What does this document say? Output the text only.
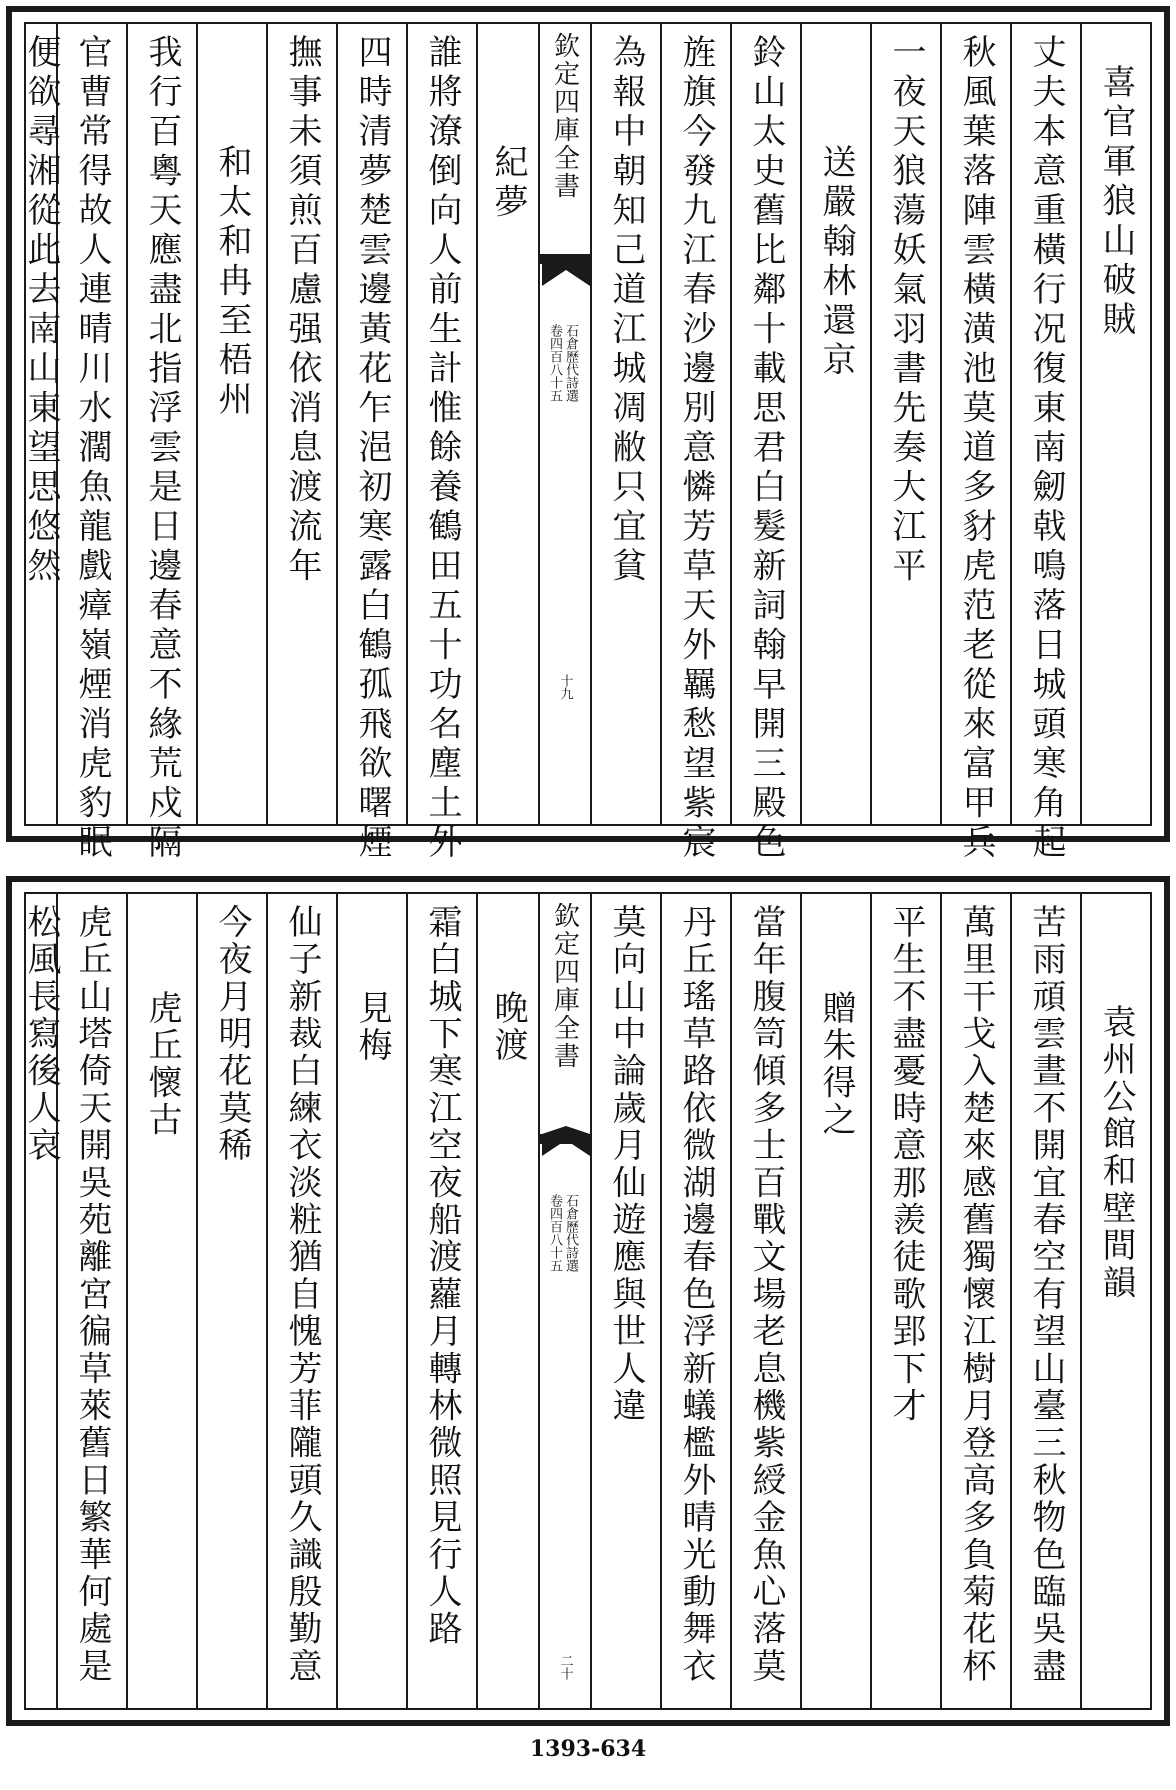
喜官軍狼山破賊
丈夫本意重橫行况復東南劒戟鳴落日城頭寒角起
秋風葉落陣雲橫潢池莫道多豺虎范老從來富甲兵
一夜天狼蕩妖氣羽書先奏大江平
送嚴翰林還京
鈴山太史舊比鄰十載思君白髮新詞翰早開三殿色
旌旗今發九江春沙邊別意憐芳草天外羈愁望紫宸
為報中朝知己道江城凋敝只宜貧
欽定四庫全書
石倉歷代詩選
卷四百八十五
十九
紀夢
誰將潦倒向人前生計惟餘養鶴田五十功名塵土外
四時清夢楚雲邊黃花乍浥初寒露白鶴孤飛欲曙煙
撫事未須煎百慮强依消息渡流年
和太和冉至梧州
我行百粵天應盡北指浮雲是日邊春意不緣荒戍隔
官曹常得故人連晴川水濶魚龍戲瘴嶺煙消虎豹眠
便欲尋湘從此去南山東望思悠然
袁州公館和壁間韻
苦雨頑雲晝不開宜春空有望山臺三秋物色臨吳盡
萬里干戈入楚來感舊獨懷江樹月登高多負菊花杯
平生不盡憂時意那羨徒歌郢下才
贈朱得之
當年腹笥傾多士百戰文場老息機紫綬金魚心落莫
丹丘瑤草路依微湖邊春色浮新蟻檻外晴光動舞衣
莫向山中論歲月仙遊應與世人違
欽定四庫全書
石倉歷代詩選
卷四百八十五
二十
晚渡
霜白城下寒江空夜船渡蘿月轉林微照見行人路
見梅
仙子新裁白練衣淡粧猶自愧芳菲隴頭久識殷勤意
今夜月明花莫稀
虎丘懷古
虎丘山塔倚天開吳苑離宮徧草萊舊日繁華何處是
松風長寫後人哀
1393-634
